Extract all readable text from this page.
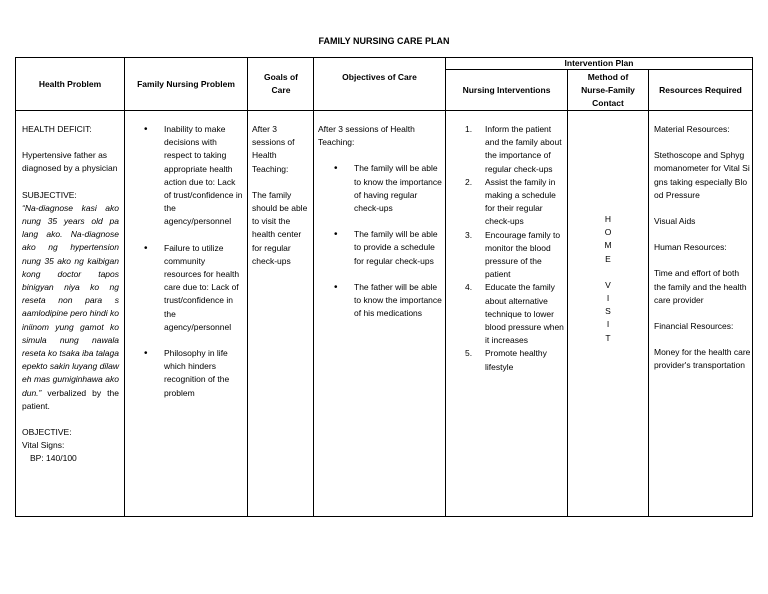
FAMILY NURSING CARE PLAN
Health Problem	Family Nursing Problem
Goals of Care
Objectives of Care
Intervention Plan
Nursing Interventions
Method of Nurse-Family Contact
Resources Required

HEALTH DEFICIT:

Hypertensive father as diagnosed by a physician

SUBJECTIVE:

“Na-diagnose kasi ako nung 35 years old pa lang ako. Na-diagnose ako ng hypertension nung 35 ako ng kaibigan kong doctor tapos binigyan niya ko ng reseta non para s aamlodipine pero hindi ko iniinom yung gamot ko simula nung nawala reseta ko tsaka iba talaga epekto sakin luyang dilaw eh mas gumiginhawa ako dun.” verbalized by the patient.

OBJECTIVE:

Vital Signs:

BP: 140/100

• Inability to make decisions with respect to taking appropriate health action due to: Lack of trust/confidence in the agency/personnel
• Failure to utilize community resources for health care due to: Lack of trust/confidence in the agency/personnel
• Philosophy in life which hinders recognition of the problem

After 3 sessions of Health Teaching:

The family should be able to visit the health center for regular check-ups

After 3 sessions of Health Teaching:

• The family will be able to know the importance of having regular check-ups
• The family will be able to provide a schedule for regular check-ups
• The father will be able to know the importance of his medications
1. Inform the patient and the family about the importance of regular check-ups
2. Assist the family in making a schedule for their regular check-ups
3. Encourage family to monitor the blood pressure of the patient
4. Educate the family about alternative technique to lower blood pressure when it increases
5. Promote healthy lifestyle
H
O
M
E
V
I
S
I
T

Material Resources:

Stethoscope and Sphygmomanometer for Vital Signs taking especially Blood Pressure

Visual Aids

Human Resources:

Time and effort of both the family and the health care provider

Financial Resources:

Money for the health care provider's transportation
